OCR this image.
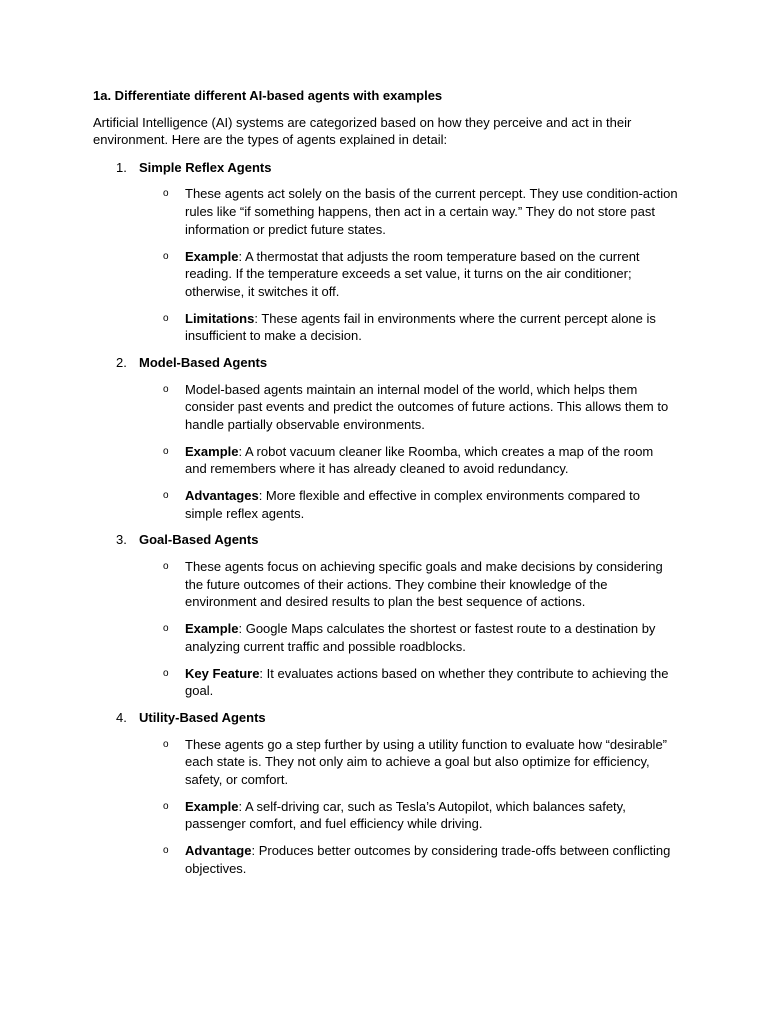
1a. Differentiate different AI-based agents with examples
Artificial Intelligence (AI) systems are categorized based on how they perceive and act in their environment. Here are the types of agents explained in detail:
1. Simple Reflex Agents
o These agents act solely on the basis of the current percept. They use condition-action rules like “if something happens, then act in a certain way.” They do not store past information or predict future states.
o Example: A thermostat that adjusts the room temperature based on the current reading. If the temperature exceeds a set value, it turns on the air conditioner; otherwise, it switches it off.
o Limitations: These agents fail in environments where the current percept alone is insufficient to make a decision.
2. Model-Based Agents
o Model-based agents maintain an internal model of the world, which helps them consider past events and predict the outcomes of future actions. This allows them to handle partially observable environments.
o Example: A robot vacuum cleaner like Roomba, which creates a map of the room and remembers where it has already cleaned to avoid redundancy.
o Advantages: More flexible and effective in complex environments compared to simple reflex agents.
3. Goal-Based Agents
o These agents focus on achieving specific goals and make decisions by considering the future outcomes of their actions. They combine their knowledge of the environment and desired results to plan the best sequence of actions.
o Example: Google Maps calculates the shortest or fastest route to a destination by analyzing current traffic and possible roadblocks.
o Key Feature: It evaluates actions based on whether they contribute to achieving the goal.
4. Utility-Based Agents
o These agents go a step further by using a utility function to evaluate how “desirable” each state is. They not only aim to achieve a goal but also optimize for efficiency, safety, or comfort.
o Example: A self-driving car, such as Tesla’s Autopilot, which balances safety, passenger comfort, and fuel efficiency while driving.
o Advantage: Produces better outcomes by considering trade-offs between conflicting objectives.
